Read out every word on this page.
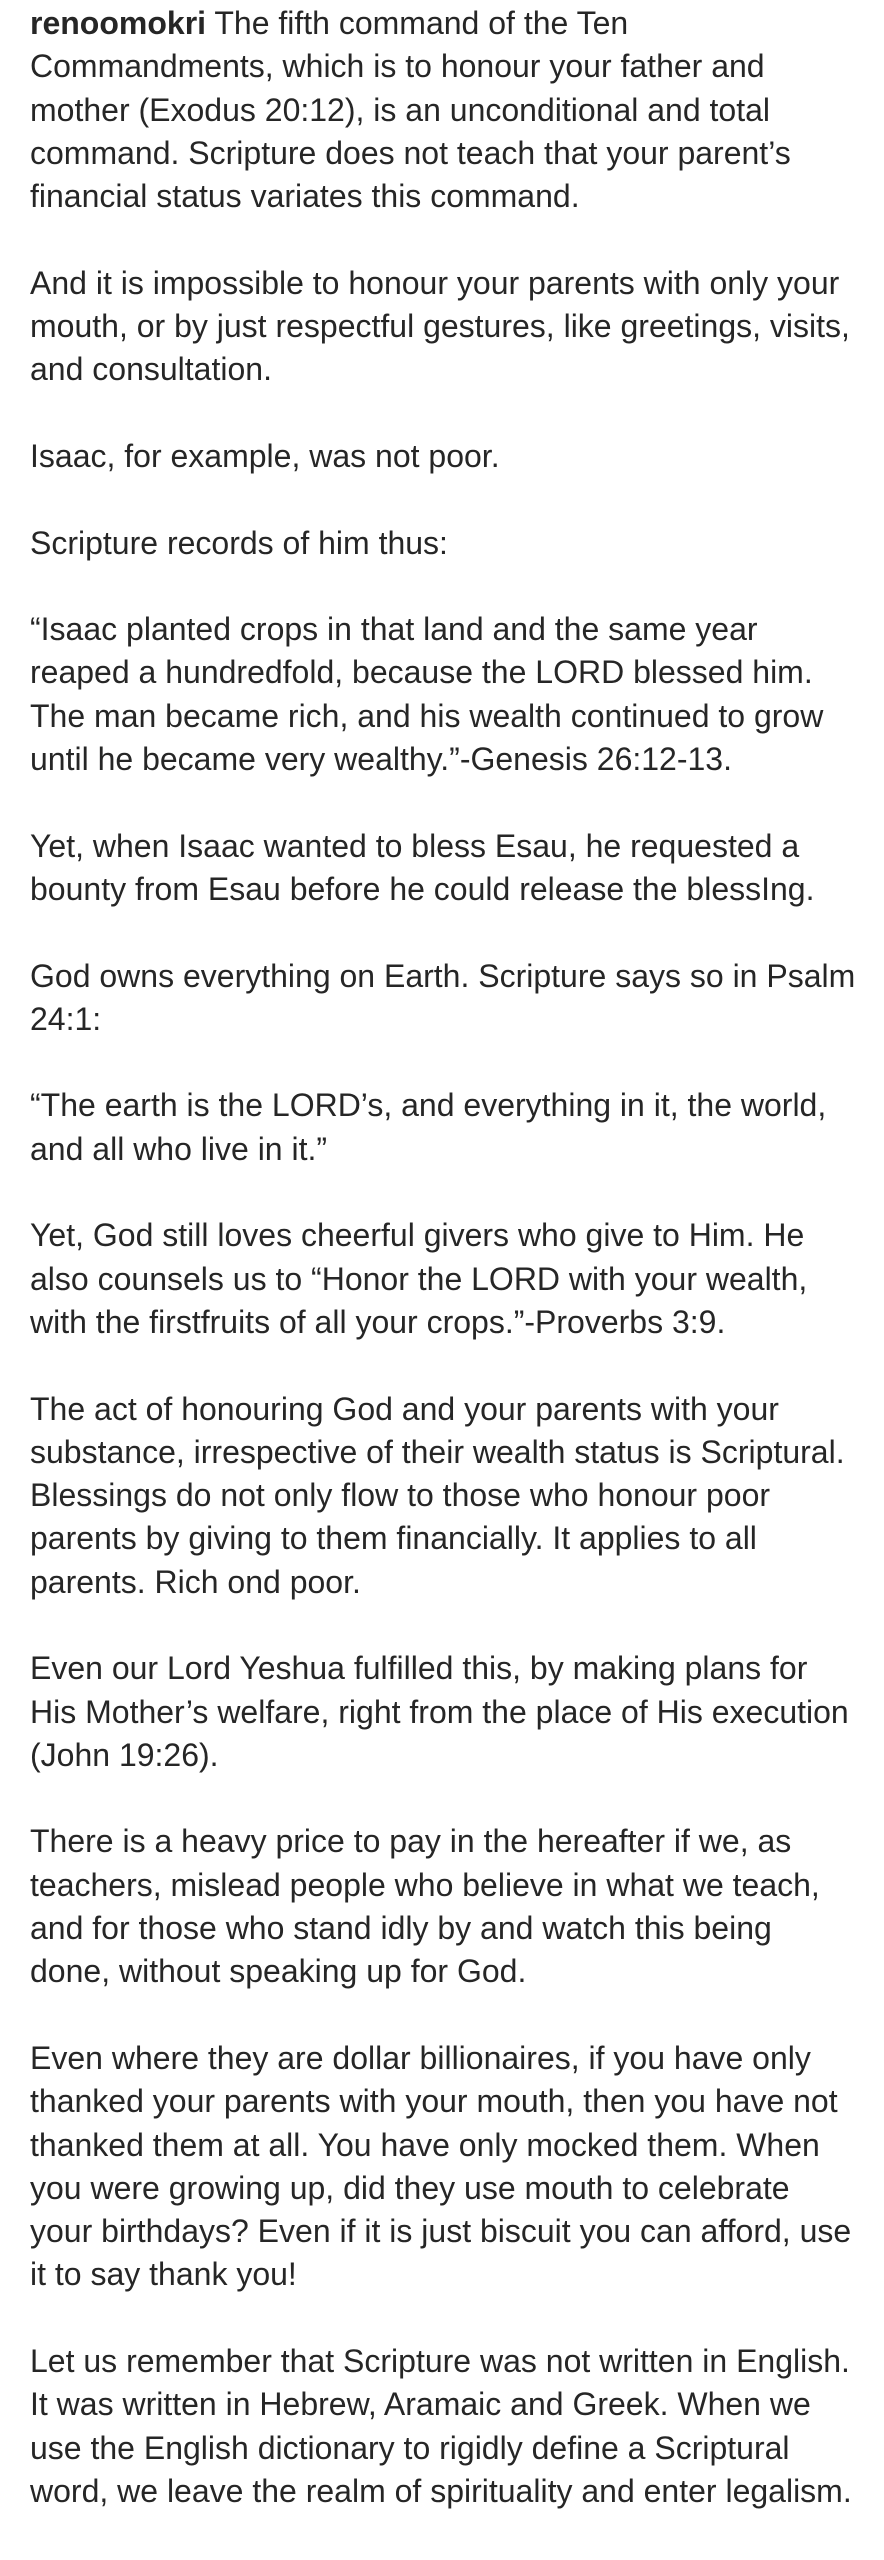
renoomokri The fifth command of the Ten Commandments, which is to honour your father and mother (Exodus 20:12), is an unconditional and total command. Scripture does not teach that your parent’s financial status variates this command.

And it is impossible to honour your parents with only your mouth, or by just respectful gestures, like greetings, visits, and consultation.

Isaac, for example, was not poor.

Scripture records of him thus:

“Isaac planted crops in that land and the same year reaped a hundredfold, because the LORD blessed him. The man became rich, and his wealth continued to grow until he became very wealthy.”-Genesis 26:12-13.

Yet, when Isaac wanted to bless Esau, he requested a bounty from Esau before he could release the blessIng.

God owns everything on Earth. Scripture says so in Psalm 24:1:

“The earth is the LORD’s, and everything in it, the world, and all who live in it.”

Yet, God still loves cheerful givers who give to Him. He also counsels us to “Honor the LORD with your wealth, with the firstfruits of all your crops.”-Proverbs 3:9.

The act of honouring God and your parents with your substance, irrespective of their wealth status is Scriptural. Blessings do not only flow to those who honour poor parents by giving to them financially. It applies to all parents. Rich ond poor.

Even our Lord Yeshua fulfilled this, by making plans for His Mother’s welfare, right from the place of His execution (John 19:26).

There is a heavy price to pay in the hereafter if we, as teachers, mislead people who believe in what we teach, and for those who stand idly by and watch this being done, without speaking up for God.

Even where they are dollar billionaires, if you have only thanked your parents with your mouth, then you have not thanked them at all. You have only mocked them. When you were growing up, did they use mouth to celebrate your birthdays? Even if it is just biscuit you can afford, use it to say thank you!

Let us remember that Scripture was not written in English. It was written in Hebrew, Aramaic and Greek. When we use the English dictionary to rigidly define a Scriptural word, we leave the realm of spirituality and enter legalism.
